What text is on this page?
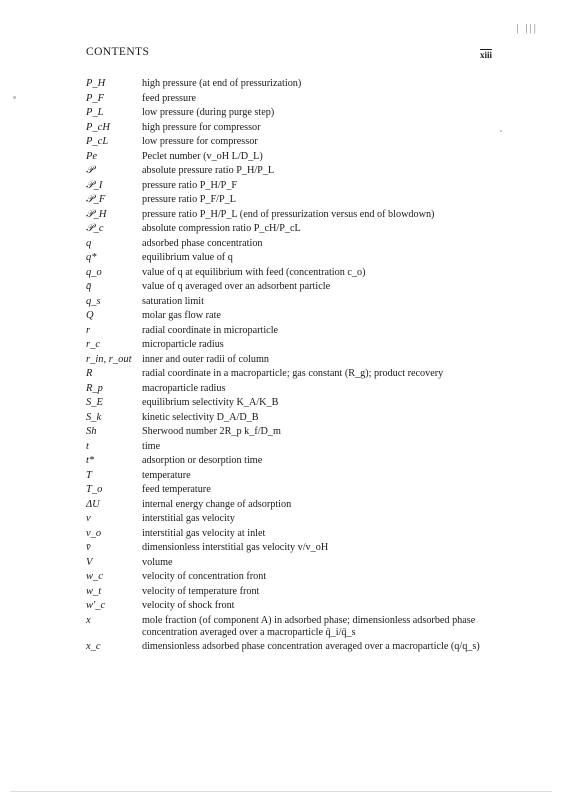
| |||
CONTENTS	xiii
P_H	high pressure (at end of pressurization)
P_F	feed pressure
P_L	low pressure (during purge step)
P_cH	high pressure for compressor
P_cL	low pressure for compressor
Pe	Peclet number (v_oH L/D_L)
𝒫	absolute pressure ratio P_H/P_L
𝒫_I	pressure ratio P_H/P_F
𝒫_F	pressure ratio P_F/P_L
𝒫_H	pressure ratio P_H/P_L (end of pressurization versus end of blowdown)
𝒫_c	absolute compression ratio P_cH/P_cL
q	adsorbed phase concentration
q*	equilibrium value of q
q_o	value of q at equilibrium with feed (concentration c_o)
q̄	value of q averaged over an adsorbent particle
q_s	saturation limit
Q	molar gas flow rate
r	radial coordinate in microparticle
r_c	microparticle radius
r_in, r_out	inner and outer radii of column
R	radial coordinate in a macroparticle; gas constant (R_g); product recovery
R_p	macroparticle radius
S_E	equilibrium selectivity K_A/K_B
S_k	kinetic selectivity D_A/D_B
Sh	Sherwood number 2R_p k_f/D_m
t	time
t*	adsorption or desorption time
T	temperature
T_o	feed temperature
ΔU	internal energy change of adsorption
v	interstitial gas velocity
v_o	interstitial gas velocity at inlet
v̄	dimensionless interstitial gas velocity v/v_oH
V	volume
w_c	velocity of concentration front
w_t	velocity of temperature front
w'_c	velocity of shock front
x	mole fraction (of component A) in adsorbed phase; dimensionless adsorbed phase concentration averaged over a macroparticle q̄_i/q̄_s
x_c	dimensionless adsorbed phase concentration averaged over a macroparticle (q/q_s)
